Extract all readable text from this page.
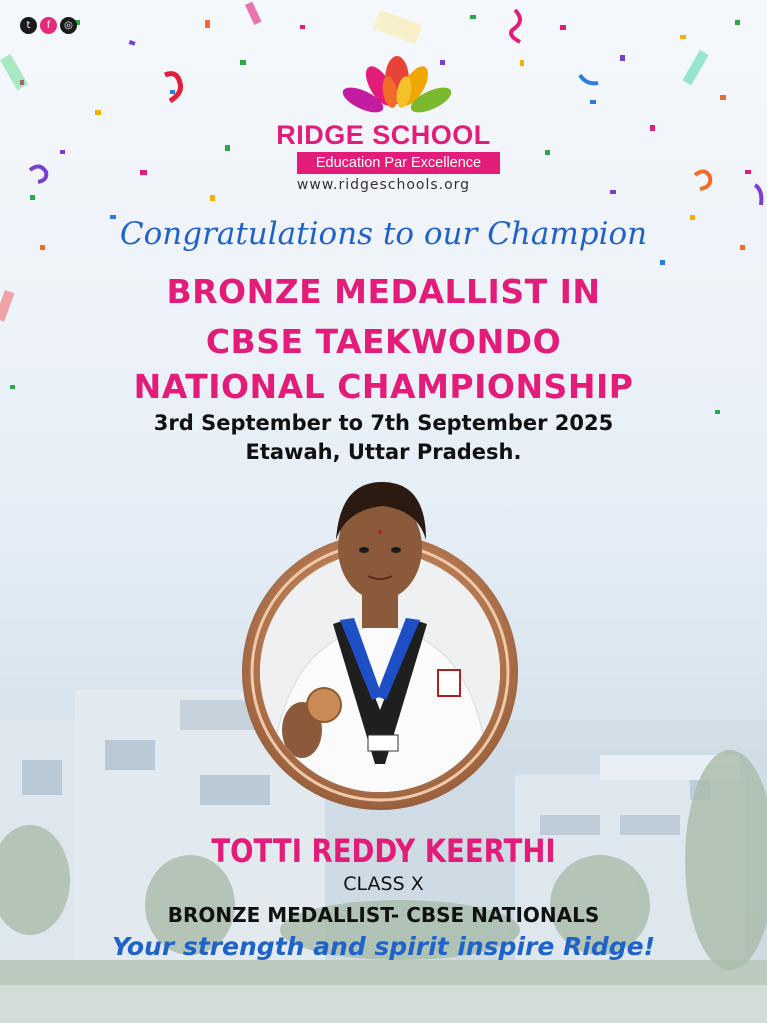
t	f	◎
RIDGE SCHOOL
Education Par Excellence
www.ridgeschools.org
Congratulations to our Champion
BRONZE MEDALLIST IN
CBSE TAEKWONDO
NATIONAL CHAMPIONSHIP
3rd September to 7th September 2025
Etawah, Uttar Pradesh.
TOTTI REDDY KEERTHI
CLASS X
BRONZE MEDALLIST- CBSE NATIONALS
Your strength and spirit inspire Ridge!
